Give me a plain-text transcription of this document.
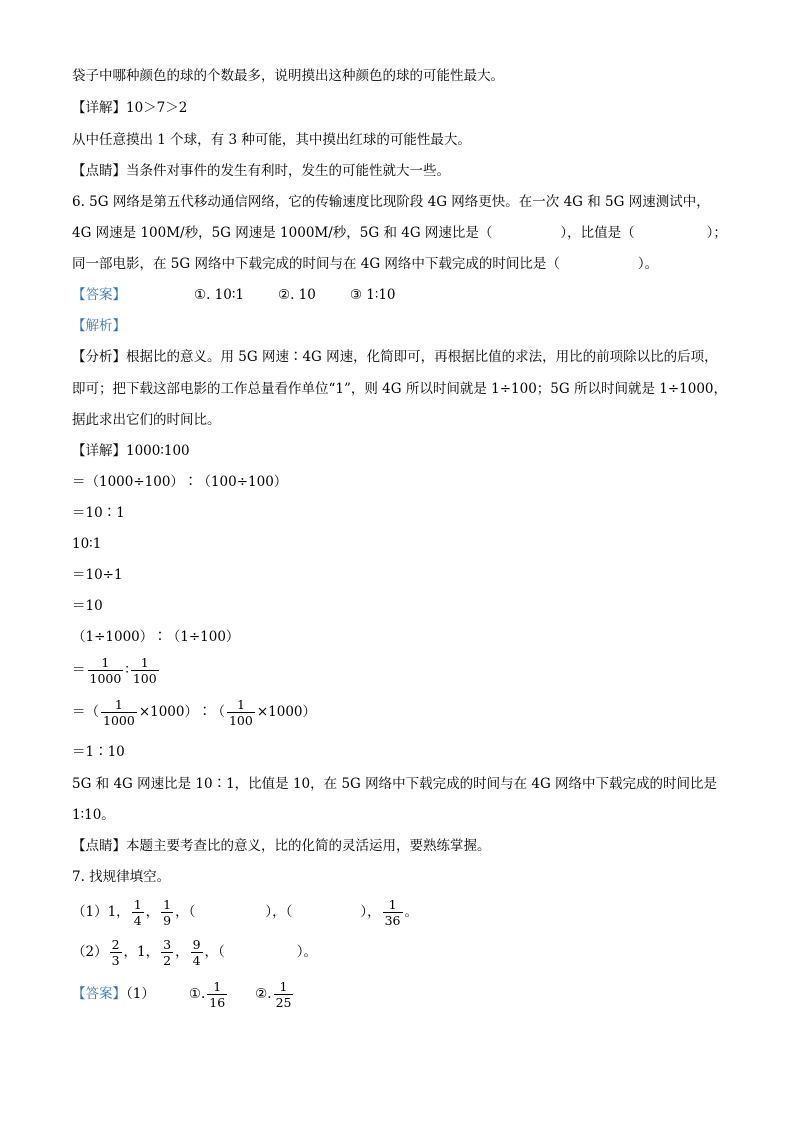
袋子中哪种颜色的球的个数最多，说明摸出这种颜色的球的可能性最大。
【详解】10＞7＞2
从中任意摸出 1 个球，有 3 种可能，其中摸出红球的可能性最大。
【点睛】当条件对事件的发生有利时，发生的可能性就大一些。
6. 5G 网络是第五代移动通信网络，它的传输速度比现阶段 4G 网络更快。在一次 4G 和 5G 网速测试中，
4G 网速是 100M/秒，5G 网速是 1000M/秒，5G 和 4G 网速比是（	），比值是（	）；
同一部电影，在 5G 网络中下载完成的时间与在 4G 网络中下载完成的时间比是（	）。
【答案】	①. 10∶1	②. 10	③ 1∶10
【解析】
【分析】根据比的意义。用 5G 网速∶4G 网速，化简即可，再根据比值的求法，用比的前项除以比的后项，
即可；把下载这部电影的工作总量看作单位“1”，则 4G 所以时间就是 1÷100；5G 所以时间就是 1÷1000，
据此求出它们的时间比。
【详解】1000∶100
＝（1000÷100）∶（100÷100）
＝10∶1
10∶1
＝10÷1
＝10
（1÷1000）∶（1÷100）
＝ $\frac{1}{1000}$ ∶ $\frac{1}{100}$
＝（ $\frac{1}{1000}$ ×1000）∶（ $\frac{1}{100} \times 1000$）
＝1∶10
5G 和 4G 网速比是 10∶1，比值是 10，在 5G 网络中下载完成的时间与在 4G 网络中下载完成的时间比是
1∶10。
【点睛】本题主要考查比的意义，比的化简的灵活运用，要熟练掌握。
7. 找规律填空。
（1）1， $\frac{1}{4}$ ， $\frac{1}{9}$ ，（	），（	）， $\frac{1}{36}$ 。
$(2) \frac{2}{3}$ ，1， $\frac{3}{2}$ ， $\frac{9}{4}$ ，（	）。
【答案】（1）	①. $\frac{1}{16}$ ②. $\frac{1}{25}$
